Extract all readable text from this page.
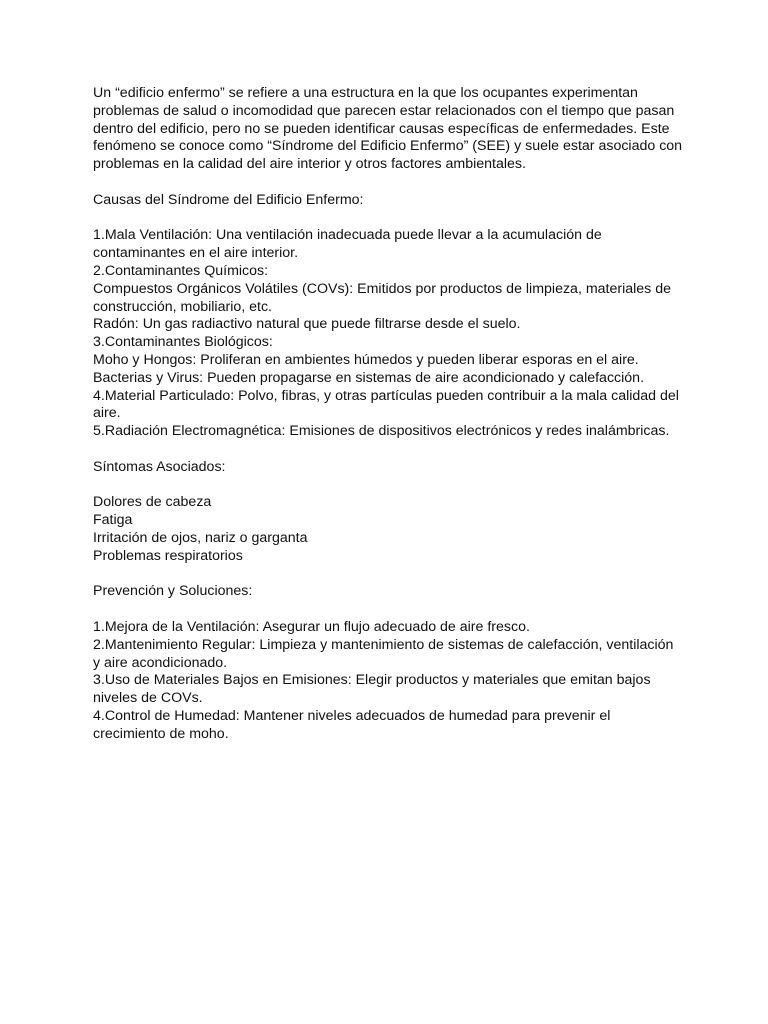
Un “edificio enfermo” se refiere a una estructura en la que los ocupantes experimentan problemas de salud o incomodidad que parecen estar relacionados con el tiempo que pasan dentro del edificio, pero no se pueden identificar causas específicas de enfermedades. Este fenómeno se conoce como “Síndrome del Edificio Enfermo” (SEE) y suele estar asociado con problemas en la calidad del aire interior y otros factores ambientales.

Causas del Síndrome del Edificio Enfermo:

1.Mala Ventilación: Una ventilación inadecuada puede llevar a la acumulación de contaminantes en el aire interior.

2.Contaminantes Químicos:

Compuestos Orgánicos Volátiles (COVs): Emitidos por productos de limpieza, materiales de construcción, mobiliario, etc.

Radón: Un gas radiactivo natural que puede filtrarse desde el suelo.

3.Contaminantes Biológicos:

Moho y Hongos: Proliferan en ambientes húmedos y pueden liberar esporas en el aire.

Bacterias y Virus: Pueden propagarse en sistemas de aire acondicionado y calefacción.

4.Material Particulado: Polvo, fibras, y otras partículas pueden contribuir a la mala calidad del aire.

5.Radiación Electromagnética: Emisiones de dispositivos electrónicos y redes inalámbricas.

Síntomas Asociados:

Dolores de cabeza

Fatiga

Irritación de ojos, nariz o garganta

Problemas respiratorios

Prevención y Soluciones:

1.Mejora de la Ventilación: Asegurar un flujo adecuado de aire fresco.

2.Mantenimiento Regular: Limpieza y mantenimiento de sistemas de calefacción, ventilación y aire acondicionado.

3.Uso de Materiales Bajos en Emisiones: Elegir productos y materiales que emitan bajos niveles de COVs.

4.Control de Humedad: Mantener niveles adecuados de humedad para prevenir el crecimiento de moho.
